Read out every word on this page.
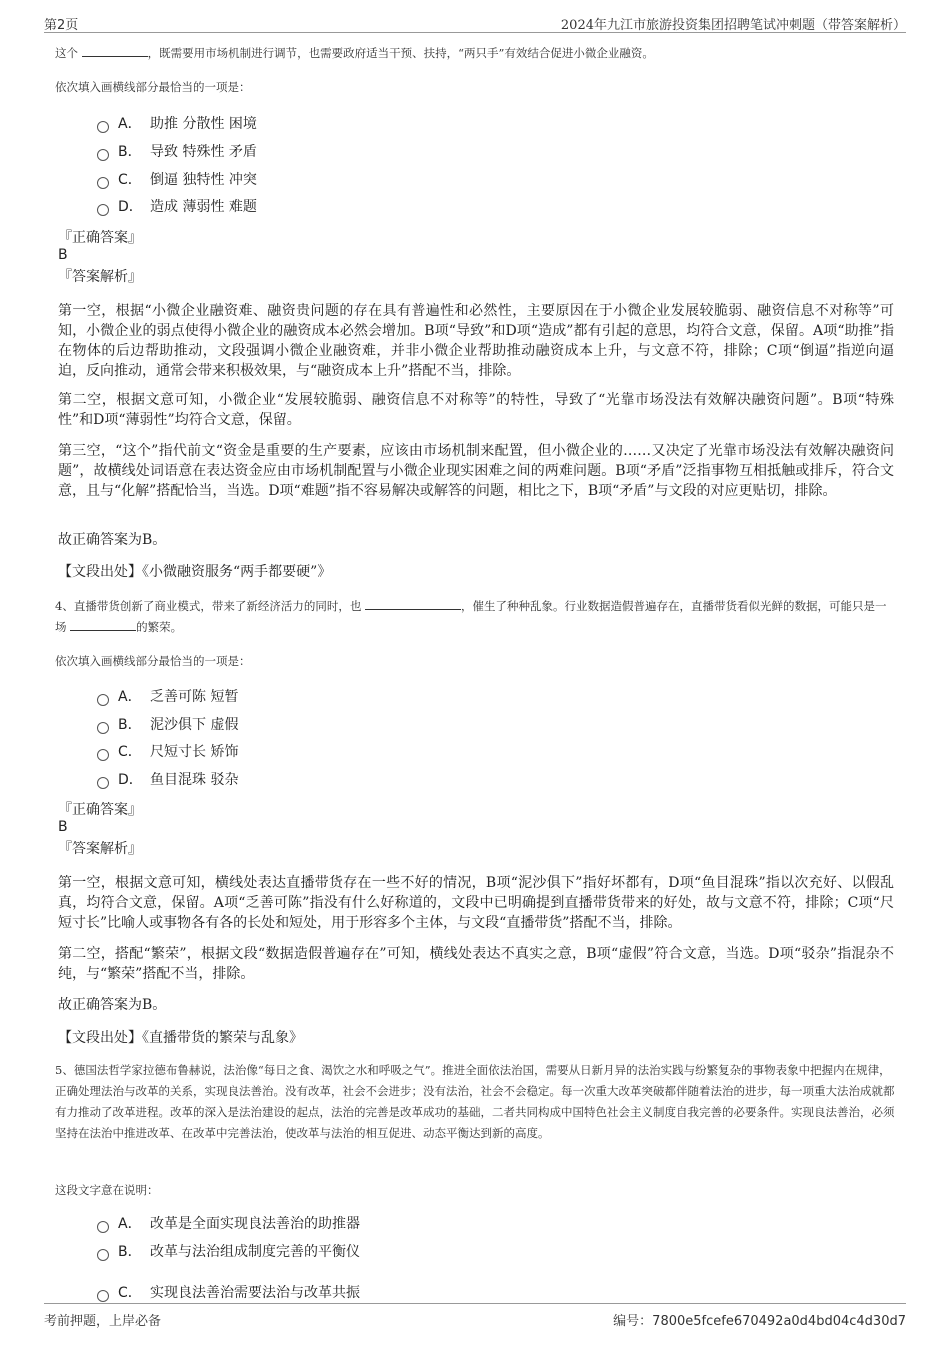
第2页	2024年九江市旅游投资集团招聘笔试冲刺题（带答案解析）
这个	，既需要用市场机制进行调节，也需要政府适当干预、扶持，“两只手”有效结合促进小微企业融资。
依次填入画横线部分最恰当的一项是：
A． 助推 分散性 困境
B． 导致 特殊性 矛盾
C． 倒逼 独特性 冲突
D． 造成 薄弱性 难题
『正确答案』
B
『答案解析』
第一空，根据“小微企业融资难、融资贵问题的存在具有普遍性和必然性，主要原因在于小微企业发展较脆弱、融资信息不对称等”可知，小微企业的弱点使得小微企业的融资成本必然会增加。B项“导致”和D项“造成”都有引起的意思，均符合文意，保留。A项“助推”指在物体的后边帮助推动，文段强调小微企业融资难，并非小微企业帮助推动融资成本上升，与文意不符，排除；C项“倒逼”指逆向逼迫，反向推动，通常会带来积极效果，与“融资成本上升”搭配不当，排除。
第二空，根据文意可知，小微企业“发展较脆弱、融资信息不对称等”的特性，导致了“光靠市场没法有效解决融资问题”。B项“特殊性”和D项“薄弱性”均符合文意，保留。
第三空，“这个”指代前文“资金是重要的生产要素，应该由市场机制来配置，但小微企业的……又决定了光靠市场没法有效解决融资问题”，故横线处词语意在表达资金应由市场机制配置与小微企业现实困难之间的两难问题。B项“矛盾”泛指事物互相抵触或排斥，符合文意，且与“化解”搭配恰当，当选。D项“难题”指不容易解决或解答的问题，相比之下，B项“矛盾”与文段的对应更贴切，排除。
故正确答案为B。
【文段出处】《小微融资服务“两手都要硬”》
4、直播带货创新了商业模式，带来了新经济活力的同时，也	，催生了种种乱象。行业数据造假普遍存在，直播带货看似光鲜的数据，可能只是一场	的繁荣。
依次填入画横线部分最恰当的一项是：
A． 乏善可陈 短暂
B． 泥沙俱下 虚假
C． 尺短寸长 矫饰
D． 鱼目混珠 驳杂
『正确答案』
B
『答案解析』
第一空，根据文意可知，横线处表达直播带货存在一些不好的情况，B项“泥沙俱下”指好坏都有，D项“鱼目混珠”指以次充好、以假乱真，均符合文意，保留。A项“乏善可陈”指没有什么好称道的，文段中已明确提到直播带货带来的好处，故与文意不符，排除；C项“尺短寸长”比喻人或事物各有各的长处和短处，用于形容多个主体，与文段“直播带货”搭配不当，排除。
第二空，搭配“繁荣”，根据文段“数据造假普遍存在”可知，横线处表达不真实之意，B项“虚假”符合文意，当选。D项“驳杂”指混杂不纯，与“繁荣”搭配不当，排除。
故正确答案为B。
【文段出处】《直播带货的繁荣与乱象》
5、德国法哲学家拉德布鲁赫说，法治像“每日之食、渴饮之水和呼吸之气”。推进全面依法治国，需要从日新月异的法治实践与纷繁复杂的事物表象中把握内在规律，正确处理法治与改革的关系，实现良法善治。没有改革，社会不会进步；没有法治，社会不会稳定。每一次重大改革突破都伴随着法治的进步，每一项重大法治成就都有力推动了改革进程。改革的深入是法治建设的起点，法治的完善是改革成功的基础，二者共同构成中国特色社会主义制度自我完善的必要条件。实现良法善治，必须坚持在法治中推进改革、在改革中完善法治，使改革与法治的相互促进、动态平衡达到新的高度。
这段文字意在说明：
A． 改革是全面实现良法善治的助推器
B． 改革与法治组成制度完善的平衡仪
C． 实现良法善治需要法治与改革共振
考前押题，上岸必备	编号：7800e5fcefe670492a0d4bd04c4d30d7
